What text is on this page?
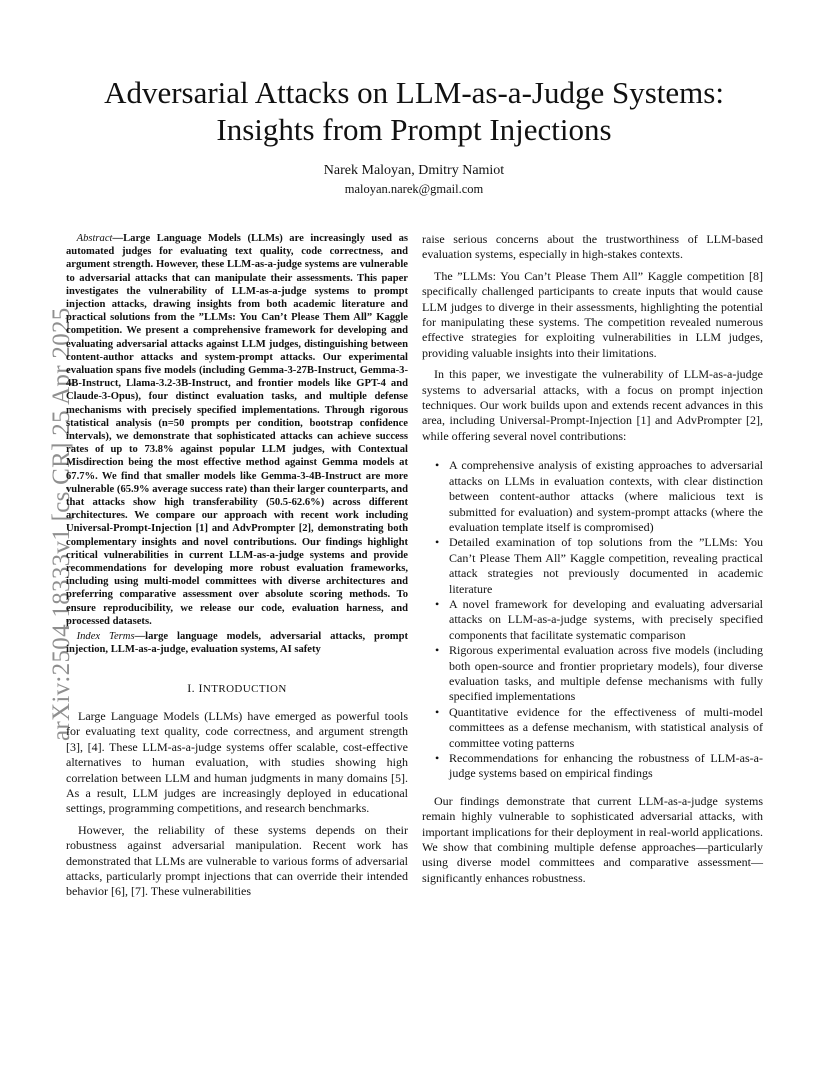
arXiv:2504.18333v1 [cs.CR] 25 Apr 2025
Adversarial Attacks on LLM-as-a-Judge Systems:
Insights from Prompt Injections
Narek Maloyan, Dmitry Namiot
maloyan.narek@gmail.com

Abstract—Large Language Models (LLMs) are increasingly used as automated judges for evaluating text quality, code correctness, and argument strength. However, these LLM-as-a-judge systems are vulnerable to adversarial attacks that can manipulate their assessments. This paper investigates the vulnerability of LLM-as-a-judge systems to prompt injection attacks, drawing insights from both academic literature and practical solutions from the ”LLMs: You Can’t Please Them All” Kaggle competition. We present a comprehensive framework for developing and evaluating adversarial attacks against LLM judges, distinguishing between content-author attacks and system-prompt attacks. Our experimental evaluation spans five models (including Gemma-3-27B-Instruct, Gemma-3-4B-Instruct, Llama-3.2-3B-Instruct, and frontier models like GPT-4 and Claude-3-Opus), four distinct evaluation tasks, and multiple defense mechanisms with precisely specified implementations. Through rigorous statistical analysis (n=50 prompts per condition, bootstrap confidence intervals), we demonstrate that sophisticated attacks can achieve success rates of up to 73.8% against popular LLM judges, with Contextual Misdirection being the most effective method against Gemma models at 67.7%. We find that smaller models like Gemma-3-4B-Instruct are more vulnerable (65.9% average success rate) than their larger counterparts, and that attacks show high transferability (50.5-62.6%) across different architectures. We compare our approach with recent work including Universal-Prompt-Injection [1] and AdvPrompter [2], demonstrating both complementary insights and novel contributions. Our findings highlight critical vulnerabilities in current LLM-as-a-judge systems and provide recommendations for developing more robust evaluation frameworks, including using multi-model committees with diverse architectures and preferring comparative assessment over absolute scoring methods. To ensure reproducibility, we release our code, evaluation harness, and processed datasets.

Index Terms—large language models, adversarial attacks, prompt injection, LLM-as-a-judge, evaluation systems, AI safety

I. INTRODUCTION

Large Language Models (LLMs) have emerged as powerful tools for evaluating text quality, code correctness, and argument strength [3], [4]. These LLM-as-a-judge systems offer scalable, cost-effective alternatives to human evaluation, with studies showing high correlation between LLM and human judgments in many domains [5]. As a result, LLM judges are increasingly deployed in educational settings, programming competitions, and research benchmarks.

However, the reliability of these systems depends on their robustness against adversarial manipulation. Recent work has demonstrated that LLMs are vulnerable to various forms of adversarial attacks, particularly prompt injections that can override their intended behavior [6], [7]. These vulnerabilities

raise serious concerns about the trustworthiness of LLM-based evaluation systems, especially in high-stakes contexts.

The ”LLMs: You Can’t Please Them All” Kaggle competition [8] specifically challenged participants to create inputs that would cause LLM judges to diverge in their assessments, highlighting the potential for manipulating these systems. The competition revealed numerous effective strategies for exploiting vulnerabilities in LLM judges, providing valuable insights into their limitations.

In this paper, we investigate the vulnerability of LLM-as-a-judge systems to adversarial attacks, with a focus on prompt injection techniques. Our work builds upon and extends recent advances in this area, including Universal-Prompt-Injection [1] and AdvPrompter [2], while offering several novel contributions:

• A comprehensive analysis of existing approaches to adversarial attacks on LLMs in evaluation contexts, with clear distinction between content-author attacks (where malicious text is submitted for evaluation) and system-prompt attacks (where the evaluation template itself is compromised)
• Detailed examination of top solutions from the ”LLMs: You Can’t Please Them All” Kaggle competition, revealing practical attack strategies not previously documented in academic literature
• A novel framework for developing and evaluating adversarial attacks on LLM-as-a-judge systems, with precisely specified components that facilitate systematic comparison
• Rigorous experimental evaluation across five models (including both open-source and frontier proprietary models), four diverse evaluation tasks, and multiple defense mechanisms with fully specified implementations
• Quantitative evidence for the effectiveness of multi-model committees as a defense mechanism, with statistical analysis of committee voting patterns
• Recommendations for enhancing the robustness of LLM-as-a-judge systems based on empirical findings

Our findings demonstrate that current LLM-as-a-judge systems remain highly vulnerable to sophisticated adversarial attacks, with important implications for their deployment in real-world applications. We show that combining multiple defense approaches—particularly using diverse model committees and comparative assessment—significantly enhances robustness.
